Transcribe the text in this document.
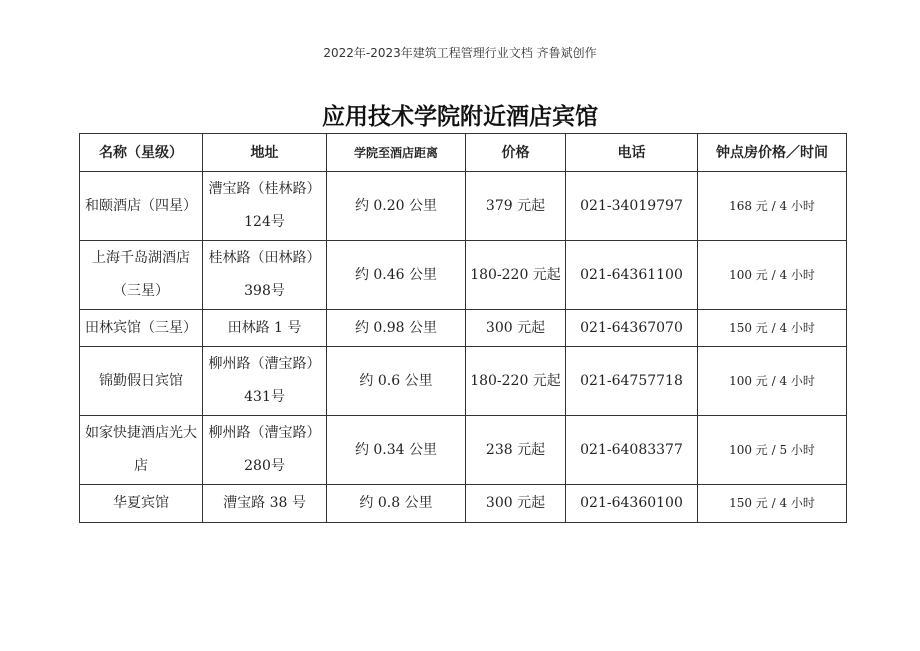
2022年-2023年建筑工程管理行业文档 齐鲁斌创作
应用技术学院附近酒店宾馆
名称（星级）	地址	学院至酒店距离	价格	电话	钟点房价格／时间
和颐酒店（四星）	漕宝路（桂林路）124号	约 0.20 公里	379 元起	021-34019797	168 元 / 4 小时
上海千岛湖酒店（三星）	桂林路（田林路）398号	约 0.46 公里	180-220 元起	021-64361100	100 元 / 4 小时
田林宾馆（三星）	田林路 1 号	约 0.98 公里	300 元起	021-64367070	150 元 / 4 小时
锦勤假日宾馆	柳州路（漕宝路）431号	约 0.6 公里	180-220 元起	021-64757718	100 元 / 4 小时
如家快捷酒店光大店	柳州路（漕宝路）280号	约 0.34 公里	238 元起	021-64083377	100 元 / 5 小时
华夏宾馆	漕宝路 38 号	约 0.8 公里	300 元起	021-64360100	150 元 / 4 小时
